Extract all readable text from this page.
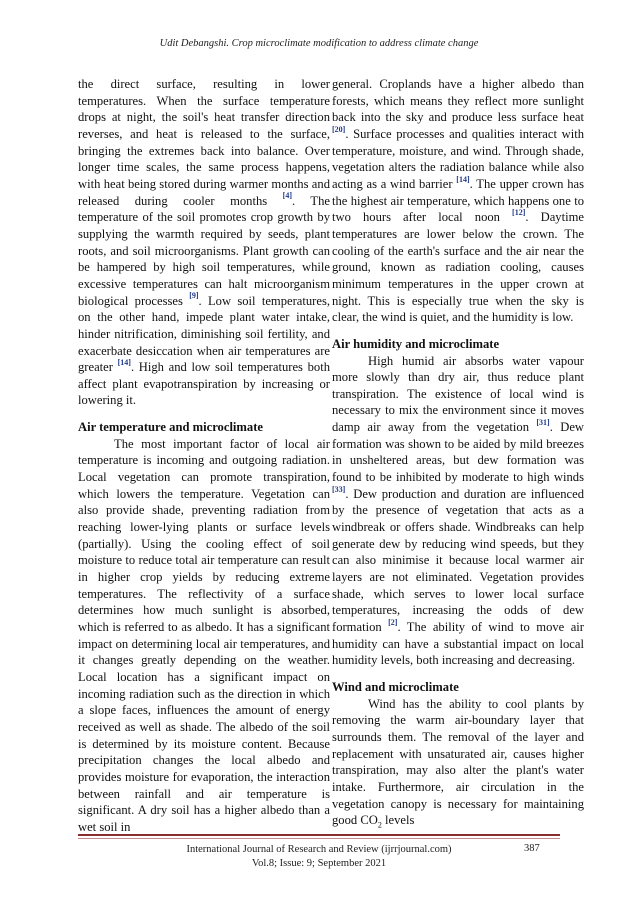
Udit Debangshi. Crop microclimate modification to address climate change

the direct surface, resulting in lower temperatures. When the surface temperature drops at night, the soil's heat transfer direction reverses, and heat is released to the surface, bringing the extremes back into balance. Over longer time scales, the same process happens, with heat being stored during warmer months and released during cooler months [4]. The temperature of the soil promotes crop growth by supplying the warmth required by seeds, plant roots, and soil microorganisms. Plant growth can be hampered by high soil temperatures, while excessive temperatures can halt microorganism biological processes [9]. Low soil temperatures, on the other hand, impede plant water intake, hinder nitrification, diminishing soil fertility, and exacerbate desiccation when air temperatures are greater [14]. High and low soil temperatures both affect plant evapotranspiration by increasing or lowering it.

Air temperature and microclimate

The most important factor of local air temperature is incoming and outgoing radiation. Local vegetation can promote transpiration, which lowers the temperature. Vegetation can also provide shade, preventing radiation from reaching lower-lying plants or surface levels (partially). Using the cooling effect of soil moisture to reduce total air temperature can result in higher crop yields by reducing extreme temperatures. The reflectivity of a surface determines how much sunlight is absorbed, which is referred to as albedo. It has a significant impact on determining local air temperatures, and it changes greatly depending on the weather. Local location has a significant impact on incoming radiation such as the direction in which a slope faces, influences the amount of energy received as well as shade. The albedo of the soil is determined by its moisture content. Because precipitation changes the local albedo and provides moisture for evaporation, the interaction between rainfall and air temperature is significant. A dry soil has a higher albedo than a wet soil in

general. Croplands have a higher albedo than forests, which means they reflect more sunlight back into the sky and produce less surface heat [20]. Surface processes and qualities interact with temperature, moisture, and wind. Through shade, vegetation alters the radiation balance while also acting as a wind barrier [14]. The upper crown has the highest air temperature, which happens one to two hours after local noon [12]. Daytime temperatures are lower below the crown. The cooling of the earth's surface and the air near the ground, known as radiation cooling, causes minimum temperatures in the upper crown at night. This is especially true when the sky is clear, the wind is quiet, and the humidity is low.

Air humidity and microclimate

High humid air absorbs water vapour more slowly than dry air, thus reduce plant transpiration. The existence of local wind is necessary to mix the environment since it moves damp air away from the vegetation [31]. Dew formation was shown to be aided by mild breezes in unsheltered areas, but dew formation was found to be inhibited by moderate to high winds [33]. Dew production and duration are influenced by the presence of vegetation that acts as a windbreak or offers shade. Windbreaks can help generate dew by reducing wind speeds, but they can also minimise it because local warmer air layers are not eliminated. Vegetation provides shade, which serves to lower local surface temperatures, increasing the odds of dew formation [2]. The ability of wind to move air humidity can have a substantial impact on local humidity levels, both increasing and decreasing.

Wind and microclimate

Wind has the ability to cool plants by removing the warm air-boundary layer that surrounds them. The removal of the layer and replacement with unsaturated air, causes higher transpiration, may also alter the plant's water intake. Furthermore, air circulation in the vegetation canopy is necessary for maintaining good $CO_2$ levels

International Journal of Research and Review (ijrrjournal.com)
Vol.8; Issue: 9; September 2021
387
